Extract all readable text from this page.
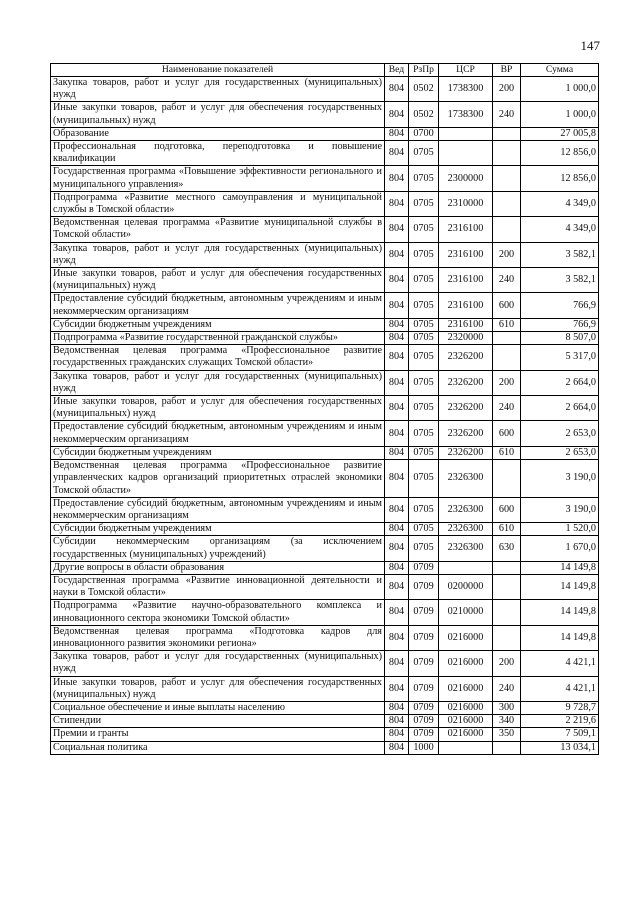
147
Наименование показателей	Вед	РзПр	ЦСР	ВР	Сумма
Закупка товаров, работ и услуг для государственных (муниципальных) нужд	804	0502	1738300	200	1 000,0
Иные закупки товаров, работ и услуг для обеспечения государственных (муниципальных) нужд	804	0502	1738300	240	1 000,0
Образование	804	0700			27 005,8
Профессиональная подготовка, переподготовка и повышение квалификации	804	0705			12 856,0
Государственная программа «Повышение эффективности регионального и муниципального управления»	804	0705	2300000		12 856,0
Подпрограмма «Развитие местного самоуправления и муниципальной службы в Томской области»	804	0705	2310000		4 349,0
Ведомственная целевая программа «Развитие муниципальной службы в Томской области»	804	0705	2316100		4 349,0
Закупка товаров, работ и услуг для государственных (муниципальных) нужд	804	0705	2316100	200	3 582,1
Иные закупки товаров, работ и услуг для обеспечения государственных (муниципальных) нужд	804	0705	2316100	240	3 582,1
Предоставление субсидий бюджетным, автономным учреждениям и иным некоммерческим организациям	804	0705	2316100	600	766,9
Субсидии бюджетным учреждениям	804	0705	2316100	610	766,9
Подпрограмма «Развитие государственной гражданской службы»	804	0705	2320000		8 507,0
Ведомственная целевая программа «Профессиональное развитие государственных гражданских служащих Томской области»	804	0705	2326200		5 317,0
Закупка товаров, работ и услуг для государственных (муниципальных) нужд	804	0705	2326200	200	2 664,0
Иные закупки товаров, работ и услуг для обеспечения государственных (муниципальных) нужд	804	0705	2326200	240	2 664,0
Предоставление субсидий бюджетным, автономным учреждениям и иным некоммерческим организациям	804	0705	2326200	600	2 653,0
Субсидии бюджетным учреждениям	804	0705	2326200	610	2 653,0
Ведомственная целевая программа «Профессиональное развитие управленческих кадров организаций приоритетных отраслей экономики Томской области»	804	0705	2326300		3 190,0
Предоставление субсидий бюджетным, автономным учреждениям и иным некоммерческим организациям	804	0705	2326300	600	3 190,0
Субсидии бюджетным учреждениям	804	0705	2326300	610	1 520,0
Субсидии некоммерческим организациям (за исключением государственных (муниципальных) учреждений)	804	0705	2326300	630	1 670,0
Другие вопросы в области образования	804	0709			14 149,8
Государственная программа «Развитие инновационной деятельности и науки в Томской области»	804	0709	0200000		14 149,8
Подпрограмма «Развитие научно-образовательного комплекса и инновационного сектора экономики Томской области»	804	0709	0210000		14 149,8
Ведомственная целевая программа «Подготовка кадров для инновационного развития экономики региона»	804	0709	0216000		14 149,8
Закупка товаров, работ и услуг для государственных (муниципальных) нужд	804	0709	0216000	200	4 421,1
Иные закупки товаров, работ и услуг для обеспечения государственных (муниципальных) нужд	804	0709	0216000	240	4 421,1
Социальное обеспечение и иные выплаты населению	804	0709	0216000	300	9 728,7
Стипендии	804	0709	0216000	340	2 219,6
Премии и гранты	804	0709	0216000	350	7 509,1
Социальная политика	804	1000			13 034,1
